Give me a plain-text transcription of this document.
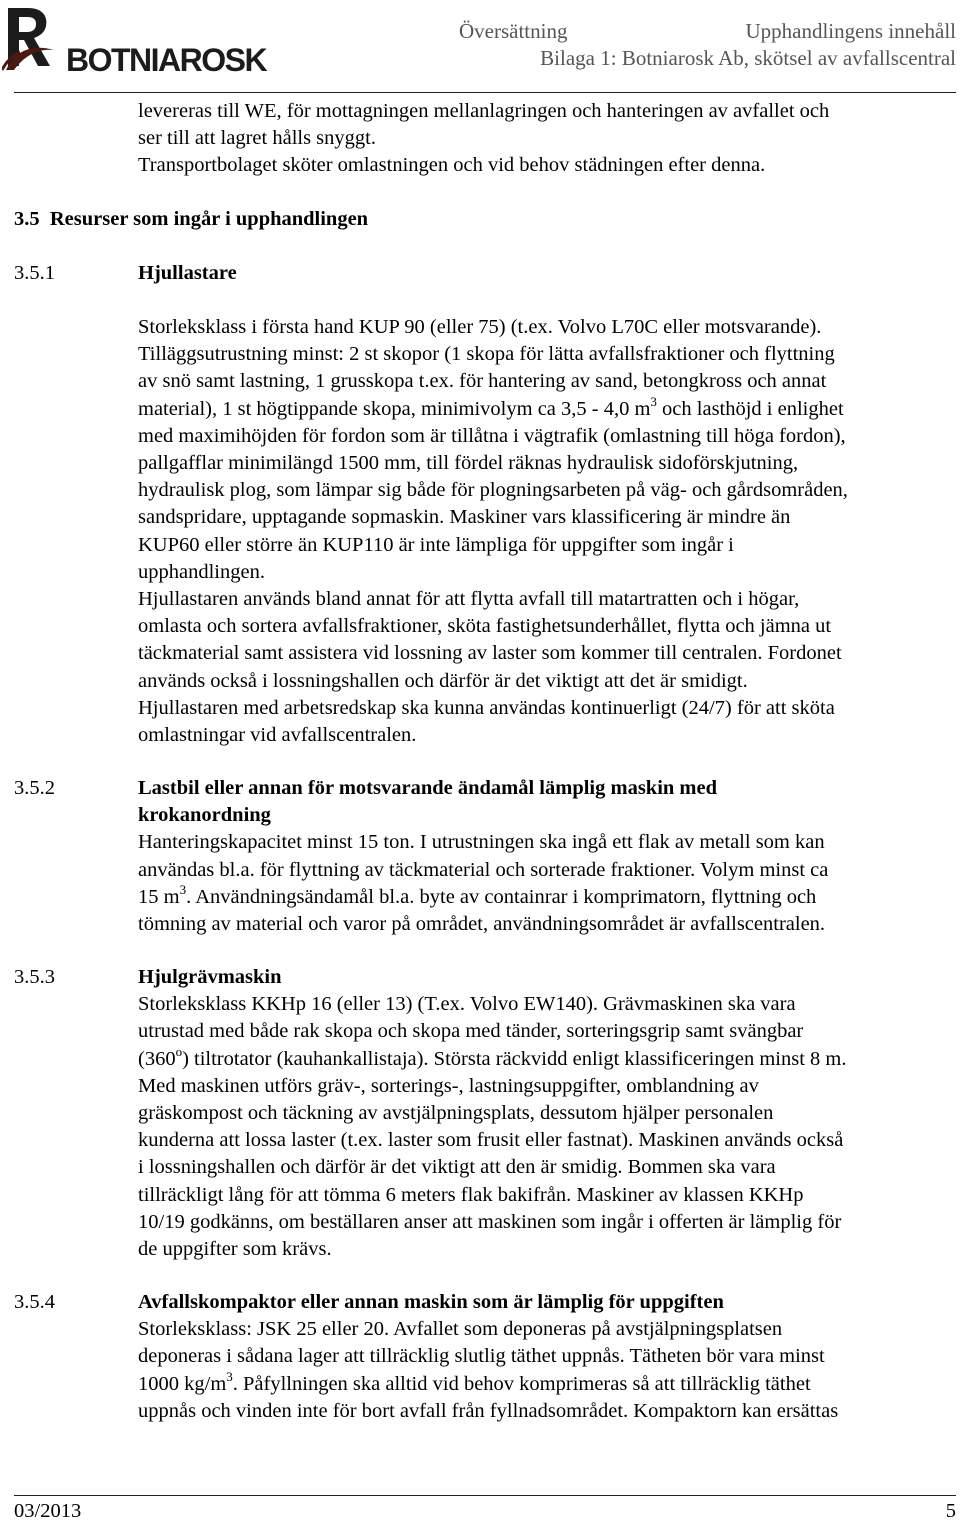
BOTNIAROSK
Översättning	Upphandlingens innehåll
Bilaga 1: Botniarosk Ab, skötsel av avfallscentral
levereras till WE, för mottagningen mellanlagringen och hanteringen av avfallet och
ser till att lagret hålls snyggt.
Transportbolaget sköter omlastningen och vid behov städningen efter denna.
3.5 Resurser som ingår i upphandlingen
3.5.1	Hjullastare
Storleksklass i första hand KUP 90 (eller 75) (t.ex. Volvo L70C eller motsvarande).
Tilläggsutrustning minst: 2 st skopor (1 skopa för lätta avfallsfraktioner och flyttning
av snö samt lastning, 1 grusskopa t.ex. för hantering av sand, betongkross och annat
material), 1 st högtippande skopa, minimivolym ca 3,5 - 4,0 $m^3$ och lasthöjd i enlighet
med maximihöjden för fordon som är tillåtna i vägtrafik (omlastning till höga fordon),
pallgafflar minimilängd 1500 mm, till fördel räknas hydraulisk sidoförskjutning,
hydraulisk plog, som lämpar sig både för plogningsarbeten på väg- och gårdsområden,
sandspridare, upptagande sopmaskin. Maskiner vars klassificering är mindre än
KUP60 eller större än KUP110 är inte lämpliga för uppgifter som ingår i
upphandlingen.
Hjullastaren används bland annat för att flytta avfall till matartratten och i högar,
omlasta och sortera avfallsfraktioner, sköta fastighetsunderhållet, flytta och jämna ut
täckmaterial samt assistera vid lossning av laster som kommer till centralen. Fordonet
används också i lossningshallen och därför är det viktigt att det är smidigt.
Hjullastaren med arbetsredskap ska kunna användas kontinuerligt (24/7) för att sköta
omlastningar vid avfallscentralen.
3.5.2	Lastbil eller annan för motsvarande ändamål lämplig maskin med
krokanordning
Hanteringskapacitet minst 15 ton. I utrustningen ska ingå ett flak av metall som kan
användas bl.a. för flyttning av täckmaterial och sorterade fraktioner. Volym minst ca
15 $m^3$. Användningsändamål bl.a. byte av containrar i komprimatorn, flyttning och
tömning av material och varor på området, användningsområdet är avfallscentralen.
3.5.3	Hjulgrävmaskin
Storleksklass KKHp 16 (eller 13) (T.ex. Volvo EW140). Grävmaskinen ska vara
utrustad med både rak skopa och skopa med tänder, sorteringsgrip samt svängbar
(360$^o$) tiltrotator (kauhankallistaja). Största räckvidd enligt klassificeringen minst 8 m.
Med maskinen utförs gräv-, sorterings-, lastningsuppgifter, omblandning av
gräskompost och täckning av avstjälpningsplats, dessutom hjälper personalen
kunderna att lossa laster (t.ex. laster som frusit eller fastnat). Maskinen används också
i lossningshallen och därför är det viktigt att den är smidig. Bommen ska vara
tillräckligt lång för att tömma 6 meters flak bakifrån. Maskiner av klassen KKHp
10/19 godkänns, om beställaren anser att maskinen som ingår i offerten är lämplig för
de uppgifter som krävs.
3.5.4	Avfallskompaktor eller annan maskin som är lämplig för uppgiften
Storleksklass: JSK 25 eller 20. Avfallet som deponeras på avstjälpningsplatsen
deponeras i sådana lager att tillräcklig slutlig täthet uppnås. Tätheten bör vara minst
1000 $kg/m^3$. Påfyllningen ska alltid vid behov komprimeras så att tillräcklig täthet
uppnås och vinden inte för bort avfall från fyllnadsområdet. Kompaktorn kan ersättas
03/2013	5
